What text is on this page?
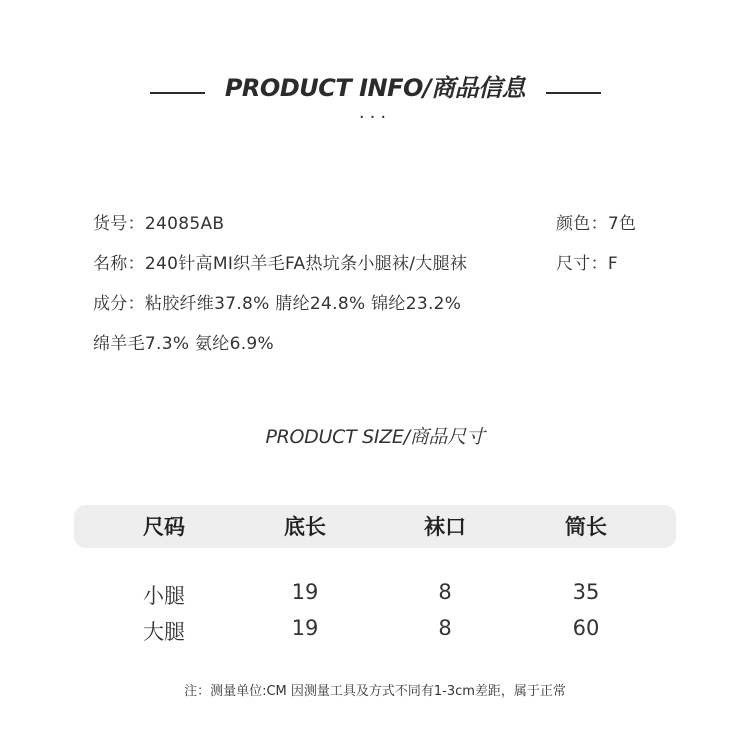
PRODUCT INFO/商品信息
...
货号：24085AB	颜色：7色
名称：240针高MI织羊毛FA热坑条小腿袜/大腿袜	尺寸：F
成分：粘胶纤维37.8% 腈纶24.8% 锦纶23.2%
绵羊毛7.3% 氨纶6.9%
PRODUCT SIZE/商品尺寸
尺码	底长	袜口	筒长
小腿	19	8	35
大腿	19	8	60
注：测量单位:CM 因测量工具及方式不同有1-3cm差距，属于正常
